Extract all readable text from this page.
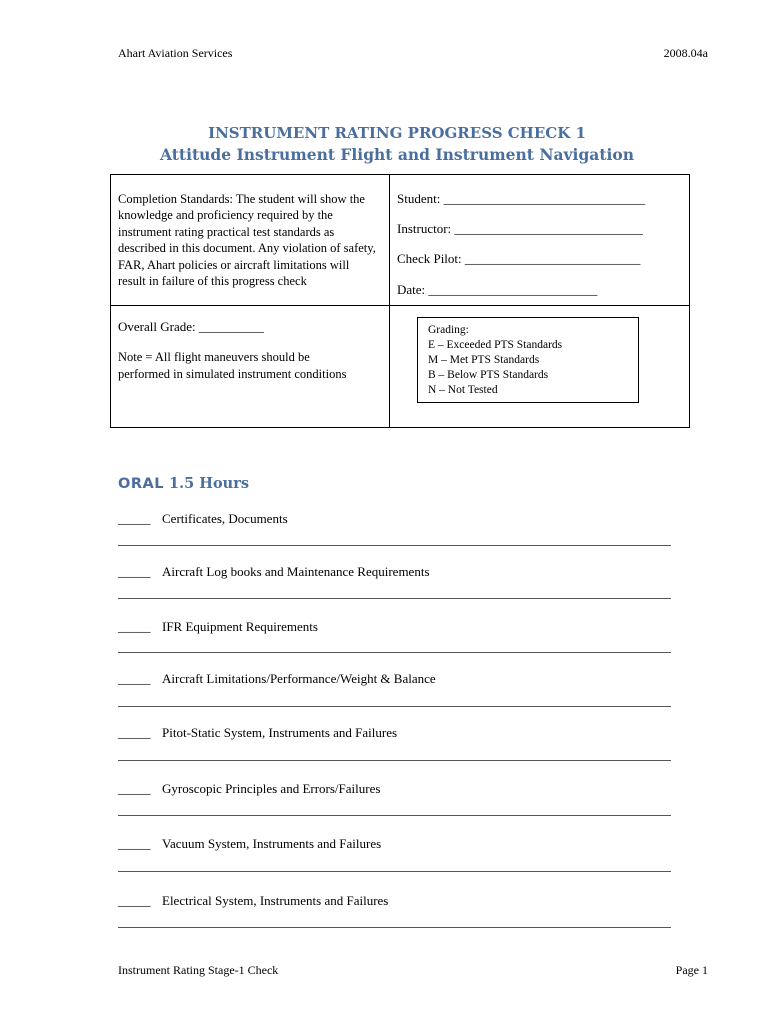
Ahart Aviation Services	2008.04a
INSTRUMENT RATING PROGRESS CHECK 1
Attitude Instrument Flight and Instrument Navigation
Completion Standards: The student will show the knowledge and proficiency required by the instrument rating practical test standards as described in this document. Any violation of safety, FAR, Ahart policies or aircraft limitations will result in failure of this progress check
Student: _______________________________
Instructor: _____________________________
Check Pilot: ___________________________
Date: __________________________
Overall Grade: __________
Note = All flight maneuvers should be performed in simulated instrument conditions
Grading:
E – Exceeded PTS Standards
M – Met PTS Standards
B – Below PTS Standards
N – Not Tested
ORAL 1.5 Hours
_____ Certificates, Documents
_____ Aircraft Log books and Maintenance Requirements
_____ IFR Equipment Requirements
_____ Aircraft Limitations/Performance/Weight & Balance
_____ Pitot-Static System, Instruments and Failures
_____ Gyroscopic Principles and Errors/Failures
_____ Vacuum System, Instruments and Failures
_____ Electrical System, Instruments and Failures
Instrument Rating Stage-1 Check	Page 1
